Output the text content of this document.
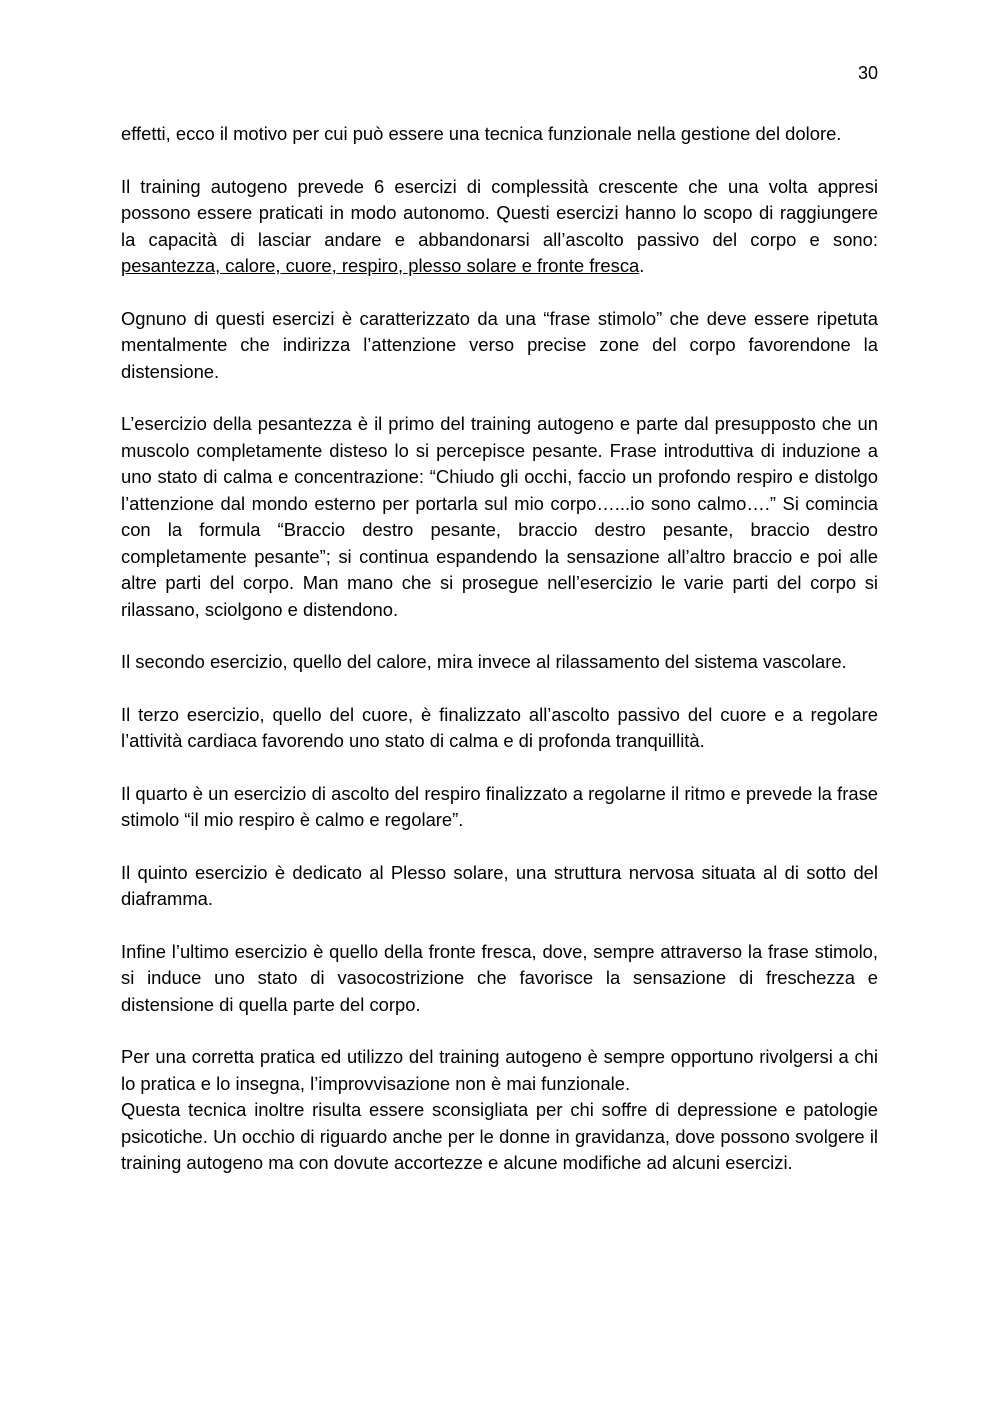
30

effetti, ecco il motivo per cui può essere una tecnica funzionale nella gestione del dolore.

Il training autogeno prevede 6 esercizi di complessità crescente che una volta appresi possono essere praticati in modo autonomo. Questi esercizi hanno lo scopo di raggiungere la capacità di lasciar andare e abbandonarsi all’ascolto passivo del corpo e sono: pesantezza, calore, cuore, respiro, plesso solare e fronte fresca.

Ognuno di questi esercizi è caratterizzato da una “frase stimolo” che deve essere ripetuta mentalmente che indirizza l’attenzione verso precise zone del corpo favorendone la distensione.

L’esercizio della pesantezza è il primo del training autogeno e parte dal presupposto che un muscolo completamente disteso lo si percepisce pesante. Frase introduttiva di induzione a uno stato di calma e concentrazione: “Chiudo gli occhi, faccio un profondo respiro e distolgo l’attenzione dal mondo esterno per portarla sul mio corpo…...io sono calmo….” Si comincia con la formula “Braccio destro pesante, braccio destro pesante, braccio destro completamente pesante”; si continua espandendo la sensazione all’altro braccio e poi alle altre parti del corpo. Man mano che si prosegue nell’esercizio le varie parti del corpo si rilassano, sciolgono e distendono.

Il secondo esercizio, quello del calore, mira invece al rilassamento del sistema vascolare.

Il terzo esercizio, quello del cuore, è finalizzato all’ascolto passivo del cuore e a regolare l’attività cardiaca favorendo uno stato di calma e di profonda tranquillità.

Il quarto è un esercizio di ascolto del respiro finalizzato a regolarne il ritmo e prevede la frase stimolo “il mio respiro è calmo e regolare”.

Il quinto esercizio è dedicato al Plesso solare, una struttura nervosa situata al di sotto del diaframma.

Infine l’ultimo esercizio è quello della fronte fresca, dove, sempre attraverso la frase stimolo, si induce uno stato di vasocostrizione che favorisce la sensazione di freschezza e distensione di quella parte del corpo.

Per una corretta pratica ed utilizzo del training autogeno è sempre opportuno rivolgersi a chi lo pratica e lo insegna, l’improvvisazione non è mai funzionale.

Questa tecnica inoltre risulta essere sconsigliata per chi soffre di depressione e patologie psicotiche. Un occhio di riguardo anche per le donne in gravidanza, dove possono svolgere il training autogeno ma con dovute accortezze e alcune modifiche ad alcuni esercizi.
